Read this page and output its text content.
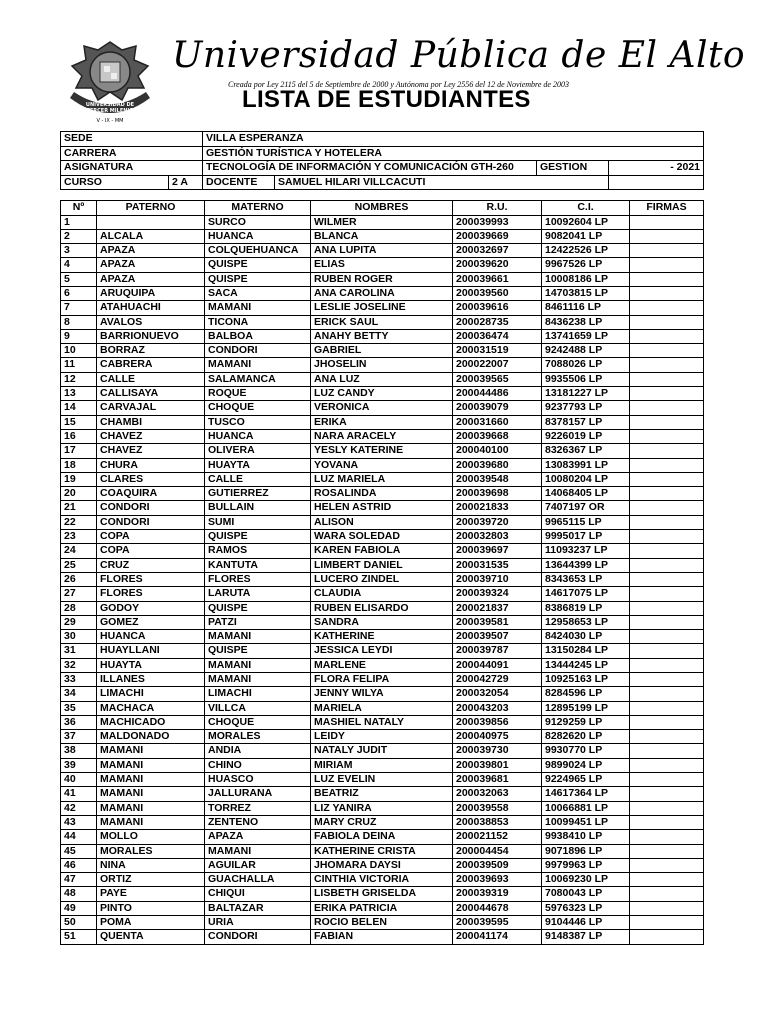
UNIVERSIDAD DE
TERCER MILENIO
V - IX - MM
Universidad Pública de El Alto
Creada por Ley 2115 del 5 de Septiembre de 2000 y Autónoma por Ley 2556 del 12 de Noviembre de 2003
LISTA DE ESTUDIANTES
SEDE		VILLA ESPERANZA			
CARRERA		GESTIÓN TURÍSTICA Y HOTELERA			
ASIGNATURA		TECNOLOGÍA DE INFORMACIÓN Y COMUNICACIÓN GTH-260		GESTION	- 2021
CURSO	2 A	DOCENTE	SAMUEL HILARI VILLCACUTI		
Nº	PATERNO	MATERNO	NOMBRES	R.U.	C.I.	FIRMAS
1		SURCO	WILMER	200039993	10092604 LP	
2	ALCALA	HUANCA	BLANCA	200039669	9082041 LP	
3	APAZA	COLQUEHUANCA	ANA LUPITA	200032697	12422526 LP	
4	APAZA	QUISPE	ELIAS	200039620	9967526 LP	
5	APAZA	QUISPE	RUBEN ROGER	200039661	10008186 LP	
6	ARUQUIPA	SACA	ANA CAROLINA	200039560	14703815 LP	
7	ATAHUACHI	MAMANI	LESLIE JOSELINE	200039616	8461116 LP	
8	AVALOS	TICONA	ERICK SAUL	200028735	8436238 LP	
9	BARRIONUEVO	BALBOA	ANAHY BETTY	200036474	13741659 LP	
10	BORRAZ	CONDORI	GABRIEL	200031519	9242488 LP	
11	CABRERA	MAMANI	JHOSELIN	200022007	7088026 LP	
12	CALLE	SALAMANCA	ANA LUZ	200039565	9935506 LP	
13	CALLISAYA	ROQUE	LUZ CANDY	200044486	13181227 LP	
14	CARVAJAL	CHOQUE	VERONICA	200039079	9237793 LP	
15	CHAMBI	TUSCO	ERIKA	200031660	8378157 LP	
16	CHAVEZ	HUANCA	NARA ARACELY	200039668	9226019 LP	
17	CHAVEZ	OLIVERA	YESLY KATERINE	200040100	8326367 LP	
18	CHURA	HUAYTA	YOVANA	200039680	13083991 LP	
19	CLARES	CALLE	LUZ MARIELA	200039548	10080204 LP	
20	COAQUIRA	GUTIERREZ	ROSALINDA	200039698	14068405 LP	
21	CONDORI	BULLAIN	HELEN ASTRID	200021833	7407197 OR	
22	CONDORI	SUMI	ALISON	200039720	9965115 LP	
23	COPA	QUISPE	WARA SOLEDAD	200032803	9995017 LP	
24	COPA	RAMOS	KAREN FABIOLA	200039697	11093237 LP	
25	CRUZ	KANTUTA	LIMBERT DANIEL	200031535	13644399 LP	
26	FLORES	FLORES	LUCERO ZINDEL	200039710	8343653 LP	
27	FLORES	LARUTA	CLAUDIA	200039324	14617075 LP	
28	GODOY	QUISPE	RUBEN ELISARDO	200021837	8386819 LP	
29	GOMEZ	PATZI	SANDRA	200039581	12958653 LP	
30	HUANCA	MAMANI	KATHERINE	200039507	8424030 LP	
31	HUAYLLANI	QUISPE	JESSICA LEYDI	200039787	13150284 LP	
32	HUAYTA	MAMANI	MARLENE	200044091	13444245 LP	
33	ILLANES	MAMANI	FLORA FELIPA	200042729	10925163 LP	
34	LIMACHI	LIMACHI	JENNY WILYA	200032054	8284596 LP	
35	MACHACA	VILLCA	MARIELA	200043203	12895199 LP	
36	MACHICADO	CHOQUE	MASHIEL NATALY	200039856	9129259 LP	
37	MALDONADO	MORALES	LEIDY	200040975	8282620 LP	
38	MAMANI	ANDIA	NATALY JUDIT	200039730	9930770 LP	
39	MAMANI	CHINO	MIRIAM	200039801	9899024 LP	
40	MAMANI	HUASCO	LUZ EVELIN	200039681	9224965 LP	
41	MAMANI	JALLURANA	BEATRIZ	200032063	14617364 LP	
42	MAMANI	TORREZ	LIZ YANIRA	200039558	10066881 LP	
43	MAMANI	ZENTENO	MARY CRUZ	200038853	10099451 LP	
44	MOLLO	APAZA	FABIOLA DEINA	200021152	9938410 LP	
45	MORALES	MAMANI	KATHERINE CRISTA	200004454	9071896 LP	
46	NINA	AGUILAR	JHOMARA DAYSI	200039509	9979963 LP	
47	ORTIZ	GUACHALLA	CINTHIA VICTORIA	200039693	10069230 LP	
48	PAYE	CHIQUI	LISBETH GRISELDA	200039319	7080043 LP	
49	PINTO	BALTAZAR	ERIKA PATRICIA	200044678	5976323 LP	
50	POMA	URIA	ROCIO BELEN	200039595	9104446 LP	
51	QUENTA	CONDORI	FABIAN	200041174	9148387 LP	
